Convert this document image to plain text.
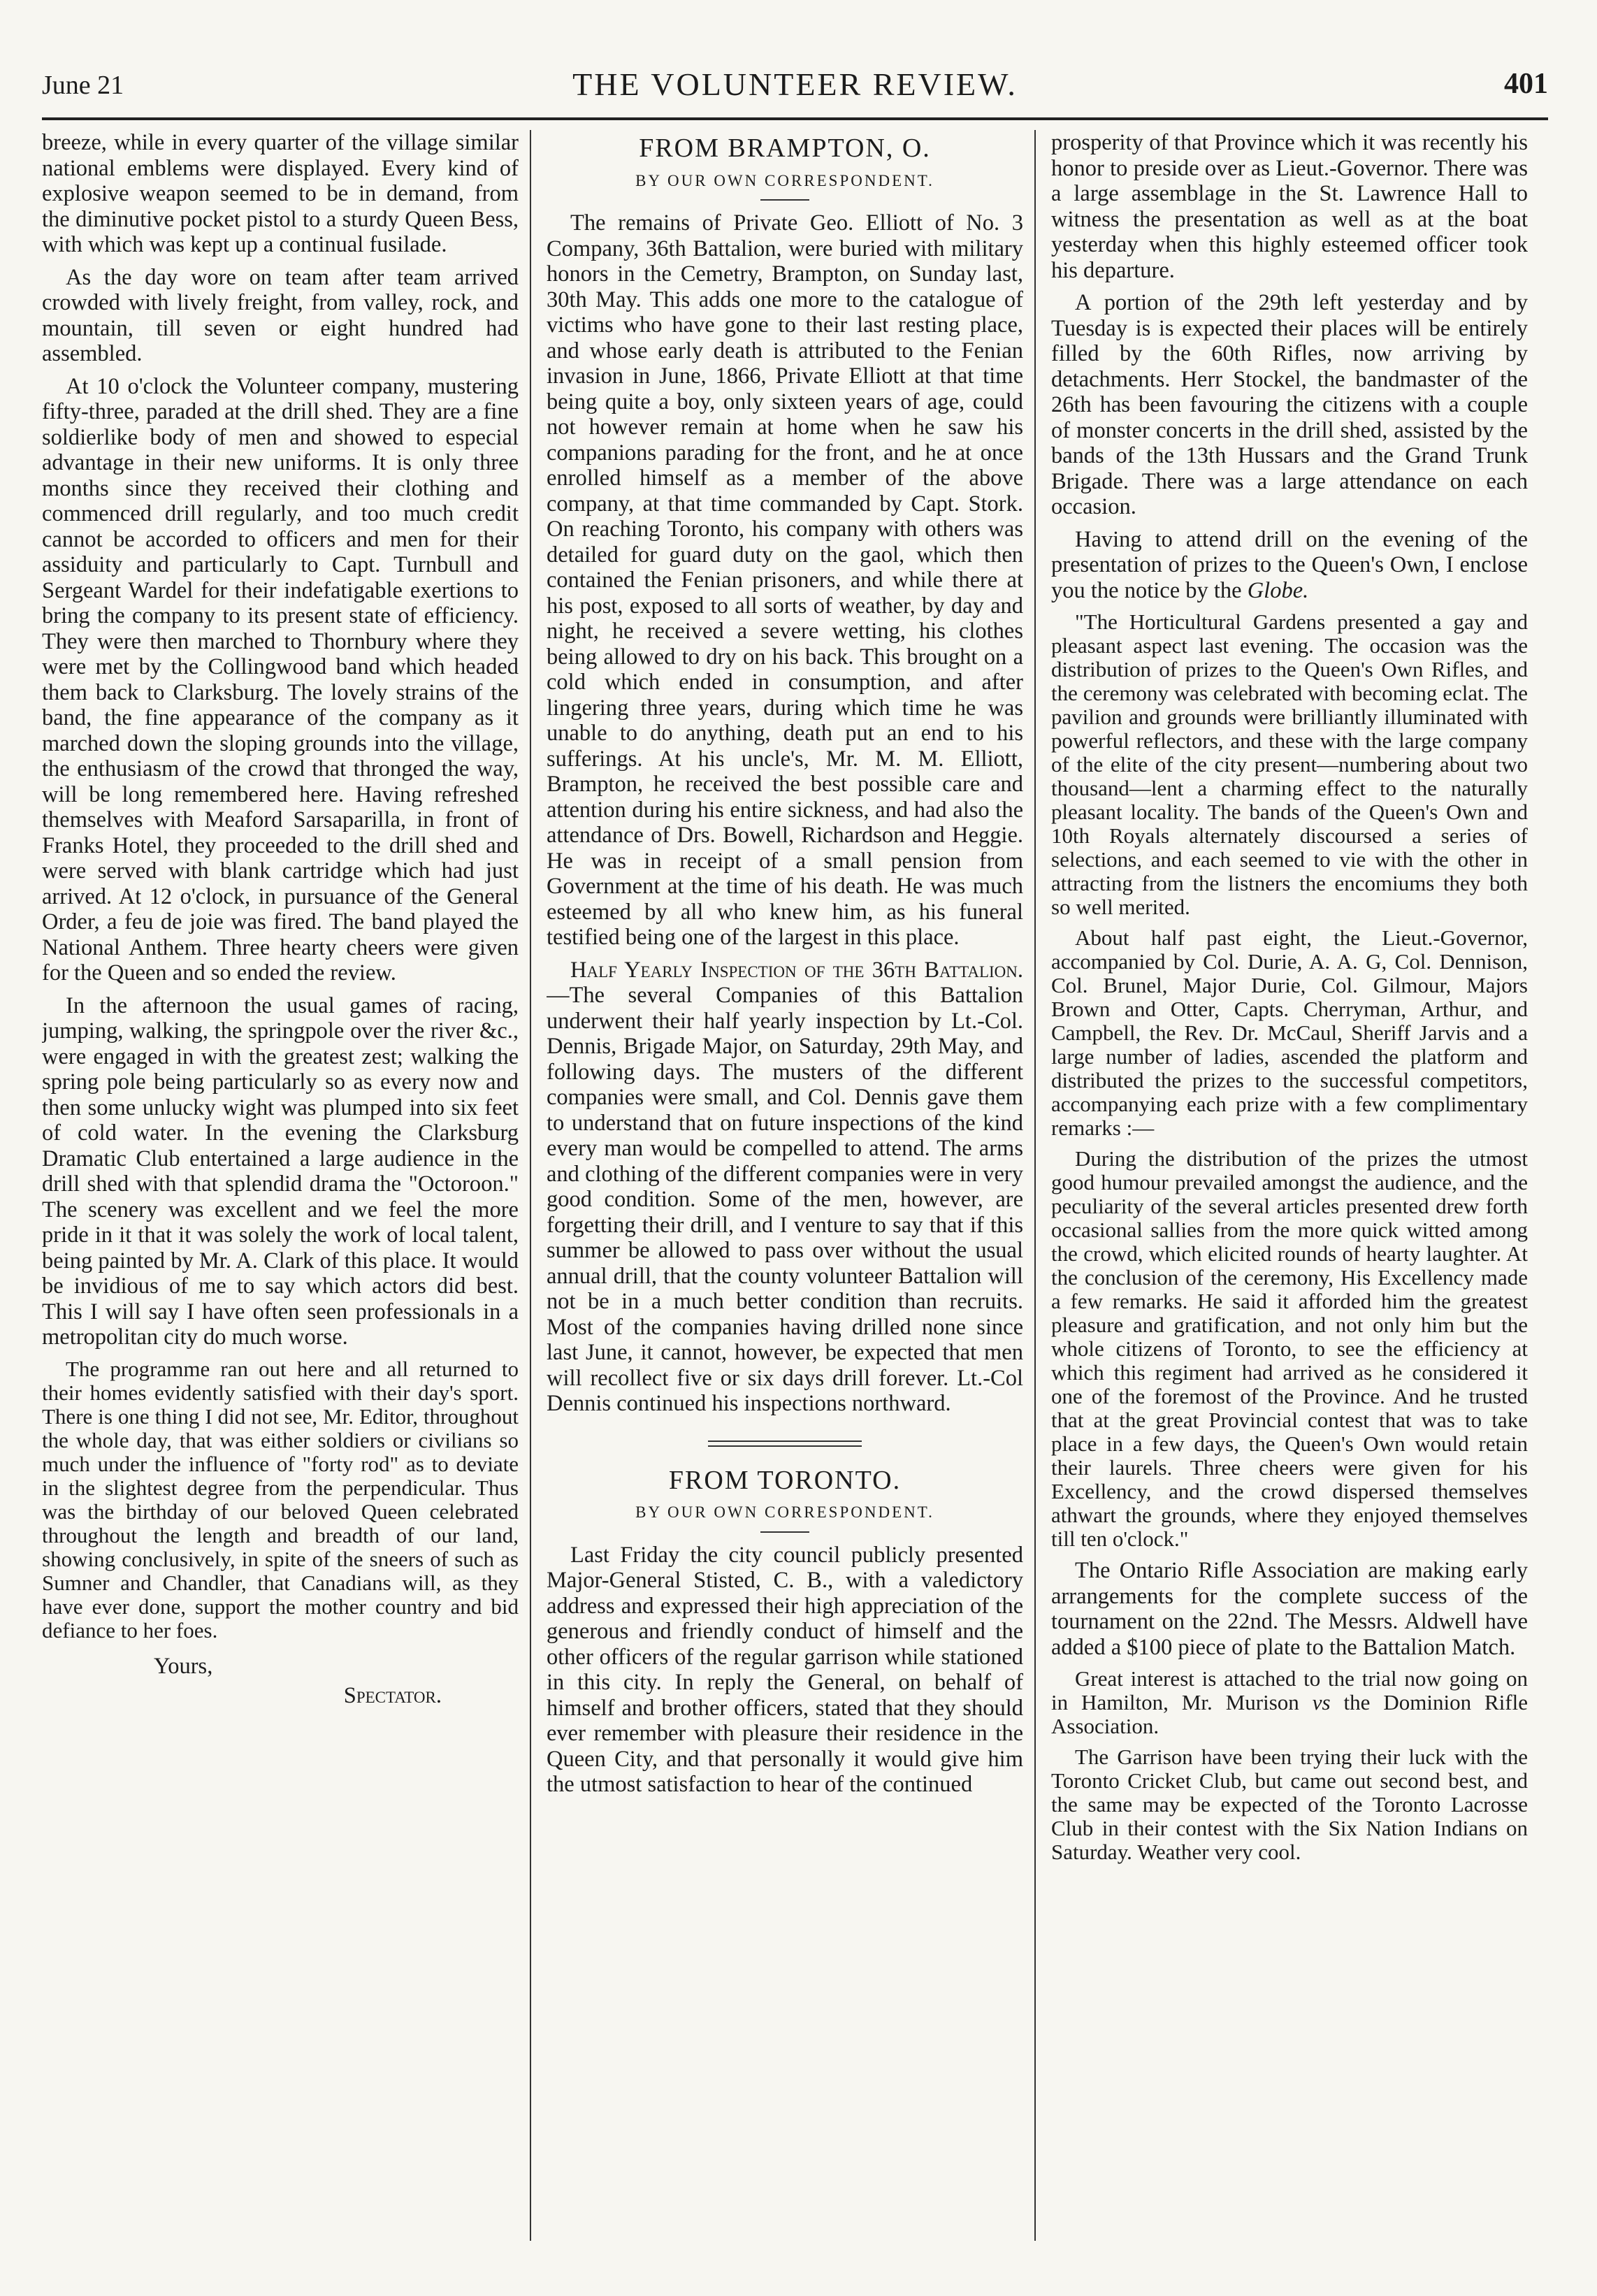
June 21	THE VOLUNTEER REVIEW.	401

breeze, while in every quarter of the village similar national emblems were displayed. Every kind of explosive weapon seemed to be in demand, from the diminutive pocket pistol to a sturdy Queen Bess, with which was kept up a continual fusilade.

As the day wore on team after team arrived crowded with lively freight, from valley, rock, and mountain, till seven or eight hundred had assembled.

At 10 o'clock the Volunteer company, mustering fifty-three, paraded at the drill shed. They are a fine soldierlike body of men and showed to especial advantage in their new uniforms. It is only three months since they received their clothing and commenced drill regularly, and too much credit cannot be accorded to officers and men for their assiduity and particularly to Capt. Turnbull and Sergeant Wardel for their indefatigable exertions to bring the company to its present state of efficiency. They were then marched to Thornbury where they were met by the Collingwood band which headed them back to Clarksburg. The lovely strains of the band, the fine appearance of the company as it marched down the sloping grounds into the village, the enthusiasm of the crowd that thronged the way, will be long remembered here. Having refreshed themselves with Meaford Sarsaparilla, in front of Franks Hotel, they proceeded to the drill shed and were served with blank cartridge which had just arrived. At 12 o'clock, in pursuance of the General Order, a feu de joie was fired. The band played the National Anthem. Three hearty cheers were given for the Queen and so ended the review.

In the afternoon the usual games of racing, jumping, walking, the springpole over the river &c., were engaged in with the greatest zest; walking the spring pole being particularly so as every now and then some unlucky wight was plumped into six feet of cold water. In the evening the Clarksburg Dramatic Club entertained a large audience in the drill shed with that splendid drama the "Octoroon." The scenery was excellent and we feel the more pride in it that it was solely the work of local talent, being painted by Mr. A. Clark of this place. It would be invidious of me to say which actors did best. This I will say I have often seen professionals in a metropolitan city do much worse.

The programme ran out here and all returned to their homes evidently satisfied with their day's sport. There is one thing I did not see, Mr. Editor, throughout the whole day, that was either soldiers or civilians so much under the influence of "forty rod" as to deviate in the slightest degree from the perpendicular. Thus was the birthday of our beloved Queen celebrated throughout the length and breadth of our land, showing conclusively, in spite of the sneers of such as Sumner and Chandler, that Canadians will, as they have ever done, support the mother country and bid defiance to her foes.

Yours,
Spectator.
FROM BRAMPTON, O.
BY OUR OWN CORRESPONDENT.

The remains of Private Geo. Elliott of No. 3 Company, 36th Battalion, were buried with military honors in the Cemetry, Brampton, on Sunday last, 30th May. This adds one more to the catalogue of victims who have gone to their last resting place, and whose early death is attributed to the Fenian invasion in June, 1866, Private Elliott at that time being quite a boy, only sixteen years of age, could not however remain at home when he saw his companions parading for the front, and he at once enrolled himself as a member of the above company, at that time commanded by Capt. Stork. On reaching Toronto, his company with others was detailed for guard duty on the gaol, which then contained the Fenian prisoners, and while there at his post, exposed to all sorts of weather, by day and night, he received a severe wetting, his clothes being allowed to dry on his back. This brought on a cold which ended in consumption, and after lingering three years, during which time he was unable to do anything, death put an end to his sufferings. At his uncle's, Mr. M. M. Elliott, Brampton, he received the best possible care and attention during his entire sickness, and had also the attendance of Drs. Bowell, Richardson and Heggie. He was in receipt of a small pension from Government at the time of his death. He was much esteemed by all who knew him, as his funeral testified being one of the largest in this place.

Half Yearly Inspection of the 36th Battalion.—The several Companies of this Battalion underwent their half yearly inspection by Lt.-Col. Dennis, Brigade Major, on Saturday, 29th May, and following days. The musters of the different companies were small, and Col. Dennis gave them to understand that on future inspections of the kind every man would be compelled to attend. The arms and clothing of the different companies were in very good condition. Some of the men, however, are forgetting their drill, and I venture to say that if this summer be allowed to pass over without the usual annual drill, that the county volunteer Battalion will not be in a much better condition than recruits. Most of the companies having drilled none since last June, it cannot, however, be expected that men will recollect five or six days drill forever. Lt.-Col Dennis continued his inspections northward.

FROM TORONTO.
BY OUR OWN CORRESPONDENT.

Last Friday the city council publicly presented Major-General Stisted, C. B., with a valedictory address and expressed their high appreciation of the generous and friendly conduct of himself and the other officers of the regular garrison while stationed in this city. In reply the General, on behalf of himself and brother officers, stated that they should ever remember with pleasure their residence in the Queen City, and that personally it would give him the utmost satisfaction to hear of the continued

prosperity of that Province which it was recently his honor to preside over as Lieut.-Governor. There was a large assemblage in the St. Lawrence Hall to witness the presentation as well as at the boat yesterday when this highly esteemed officer took his departure.

A portion of the 29th left yesterday and by Tuesday is is expected their places will be entirely filled by the 60th Rifles, now arriving by detachments. Herr Stockel, the bandmaster of the 26th has been favouring the citizens with a couple of monster concerts in the drill shed, assisted by the bands of the 13th Hussars and the Grand Trunk Brigade. There was a large attendance on each occasion.

Having to attend drill on the evening of the presentation of prizes to the Queen's Own, I enclose you the notice by the Globe.

"The Horticultural Gardens presented a gay and pleasant aspect last evening. The occasion was the distribution of prizes to the Queen's Own Rifles, and the ceremony was celebrated with becoming eclat. The pavilion and grounds were brilliantly illuminated with powerful reflectors, and these with the large company of the elite of the city present—numbering about two thousand—lent a charming effect to the naturally pleasant locality. The bands of the Queen's Own and 10th Royals alternately discoursed a series of selections, and each seemed to vie with the other in attracting from the listners the encomiums they both so well merited.

About half past eight, the Lieut.-Governor, accompanied by Col. Durie, A. A. G, Col. Dennison, Col. Brunel, Major Durie, Col. Gilmour, Majors Brown and Otter, Capts. Cherryman, Arthur, and Campbell, the Rev. Dr. McCaul, Sheriff Jarvis and a large number of ladies, ascended the platform and distributed the prizes to the successful competitors, accompanying each prize with a few complimentary remarks :—

During the distribution of the prizes the utmost good humour prevailed amongst the audience, and the peculiarity of the several articles presented drew forth occasional sallies from the more quick witted among the crowd, which elicited rounds of hearty laughter. At the conclusion of the ceremony, His Excellency made a few remarks. He said it afforded him the greatest pleasure and gratification, and not only him but the whole citizens of Toronto, to see the efficiency at which this regiment had arrived as he considered it one of the foremost of the Province. And he trusted that at the great Provincial contest that was to take place in a few days, the Queen's Own would retain their laurels. Three cheers were given for his Excellency, and the crowd dispersed themselves athwart the grounds, where they enjoyed themselves till ten o'clock."

The Ontario Rifle Association are making early arrangements for the complete success of the tournament on the 22nd. The Messrs. Aldwell have added a $100 piece of plate to the Battalion Match.

Great interest is attached to the trial now going on in Hamilton, Mr. Murison vs the Dominion Rifle Association.

The Garrison have been trying their luck with the Toronto Cricket Club, but came out second best, and the same may be expected of the Toronto Lacrosse Club in their contest with the Six Nation Indians on Saturday. Weather very cool.
